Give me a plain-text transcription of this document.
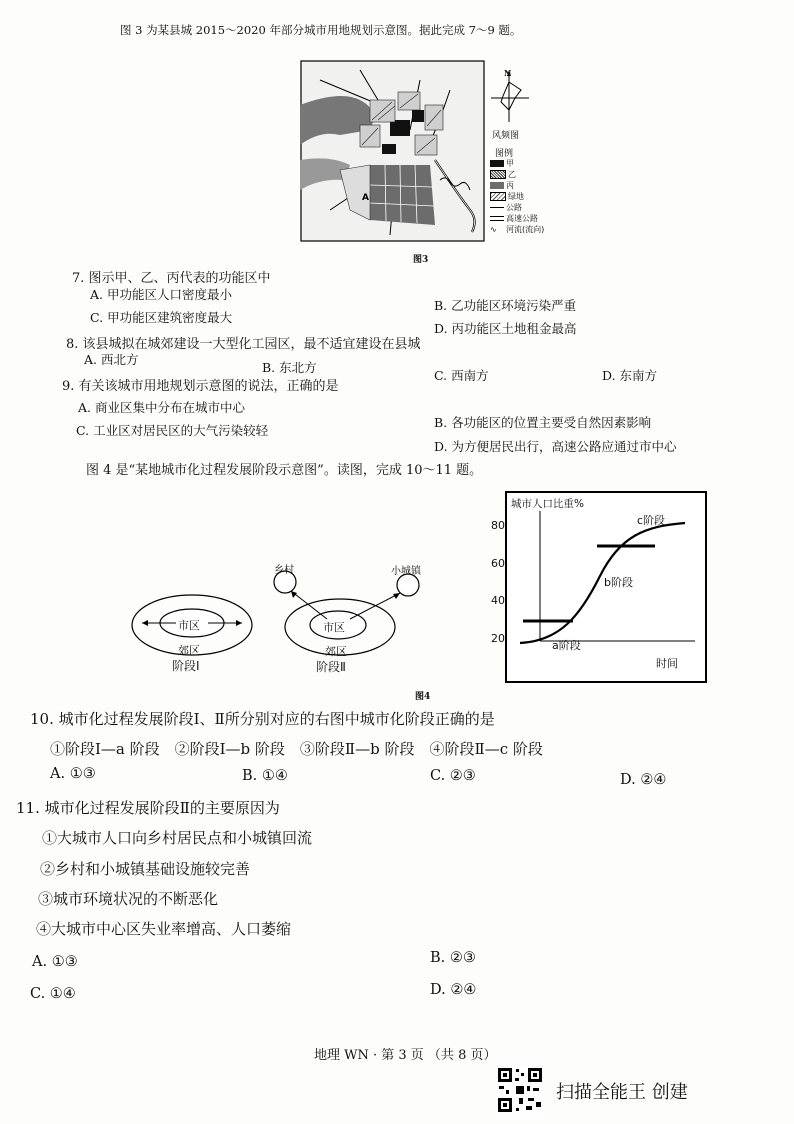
图 3 为某县城 2015～2020 年部分城市用地规划示意图。据此完成 7～9 题。
A
N
风频图
图例
甲
乙
丙
绿地
公路
高速公路
∿ 河流(流向)
图3
7. 图示甲、乙、丙代表的功能区中
A. 甲功能区人口密度最小
B. 乙功能区环境污染严重
C. 甲功能区建筑密度最大
D. 丙功能区土地租金最高
8. 该县城拟在城郊建设一大型化工园区，最不适宜建设在县城
A. 西北方
B. 东北方
C. 西南方	D. 东南方
9. 有关该城市用地规划示意图的说法，正确的是
A. 商业区集中分布在城市中心
B. 各功能区的位置主要受自然因素影响
C. 工业区对居民区的大气污染较轻
D. 为方便居民出行，高速公路应通过市中心
图 4 是“某地城市化过程发展阶段示意图”。读图，完成 10～11 题。
市区
郊区
阶段Ⅰ
市区
郊区
阶段Ⅱ
乡村	小城镇
城市人口比重%
80
60
40
20
a阶段
b阶段
c阶段
时间
图4
10. 城市化过程发展阶段Ⅰ、Ⅱ所分别对应的右图中城市化阶段正确的是
①阶段Ⅰ—a 阶段　②阶段Ⅰ—b 阶段　③阶段Ⅱ—b 阶段　④阶段Ⅱ—c 阶段
A. ①③	B. ①④	C. ②③	D. ②④
11. 城市化过程发展阶段Ⅱ的主要原因为
①大城市人口向乡村居民点和小城镇回流
②乡村和小城镇基础设施较完善
③城市环境状况的不断恶化
④大城市中心区失业率增高、人口萎缩
A. ①③	B. ②③
C. ①④	D. ②④
地理 WN · 第 3 页 （共 8 页）
扫描全能王 创建
